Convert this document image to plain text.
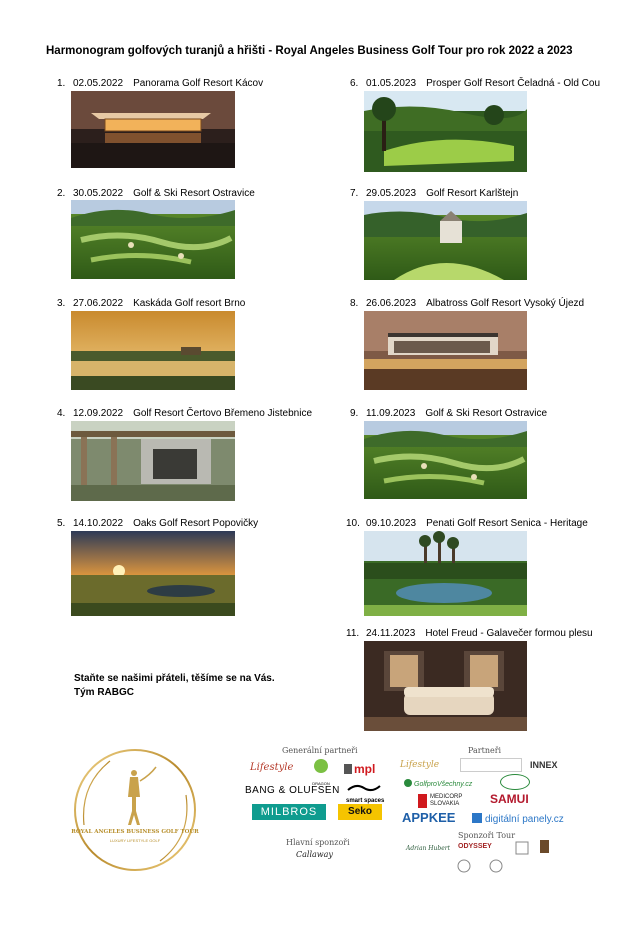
Harmonogram golfových turanjů a hřišti - Royal Angeles Business Golf Tour pro rok 2022 a 2023
1. 02.05.2022 Panorama Golf Resort Kácov
2. 30.05.2022 Golf & Ski Resort Ostravice
3. 27.06.2022 Kaskáda Golf resort Brno
4. 12.09.2022 Golf Resort Čertovo Břemeno Jistebnice
5. 14.10.2022 Oaks Golf Resort Popovičky
6. 01.05.2023 Prosper Golf Resort Čeladná - Old Cou
7. 29.05.2023 Golf Resort Karlštejn
8. 26.06.2023 Albatross Golf Resort Vysoký Újezd
9. 11.09.2023 Golf & Ski Resort Ostravice
10. 09.10.2023 Penati Golf Resort Senica - Heritage
11. 24.11.2023 Hotel Freud - Galavečer formou plesu
Staňte se našimi přáteli, těšíme se na Vás.
Tým RABGC
ROYAL ANGELES BUSINESS GOLF TOUR
LUXURY LIFESTYLE GOLF
Generální partneři	Partneři
Lifestyle
DRAGON
mpl
BANG & OLUFSEN
smart spaces
MILBROS	Seko
Lifestyle	INNEX
GolfproVšechny.cz
MEDICORP SLOVAKIA	SAMUI
APPKEE	digitální panely.cz
Sponzoři Tour
Adrian Hubert ODYSSEY
Hlavní sponzoři
Callaway
